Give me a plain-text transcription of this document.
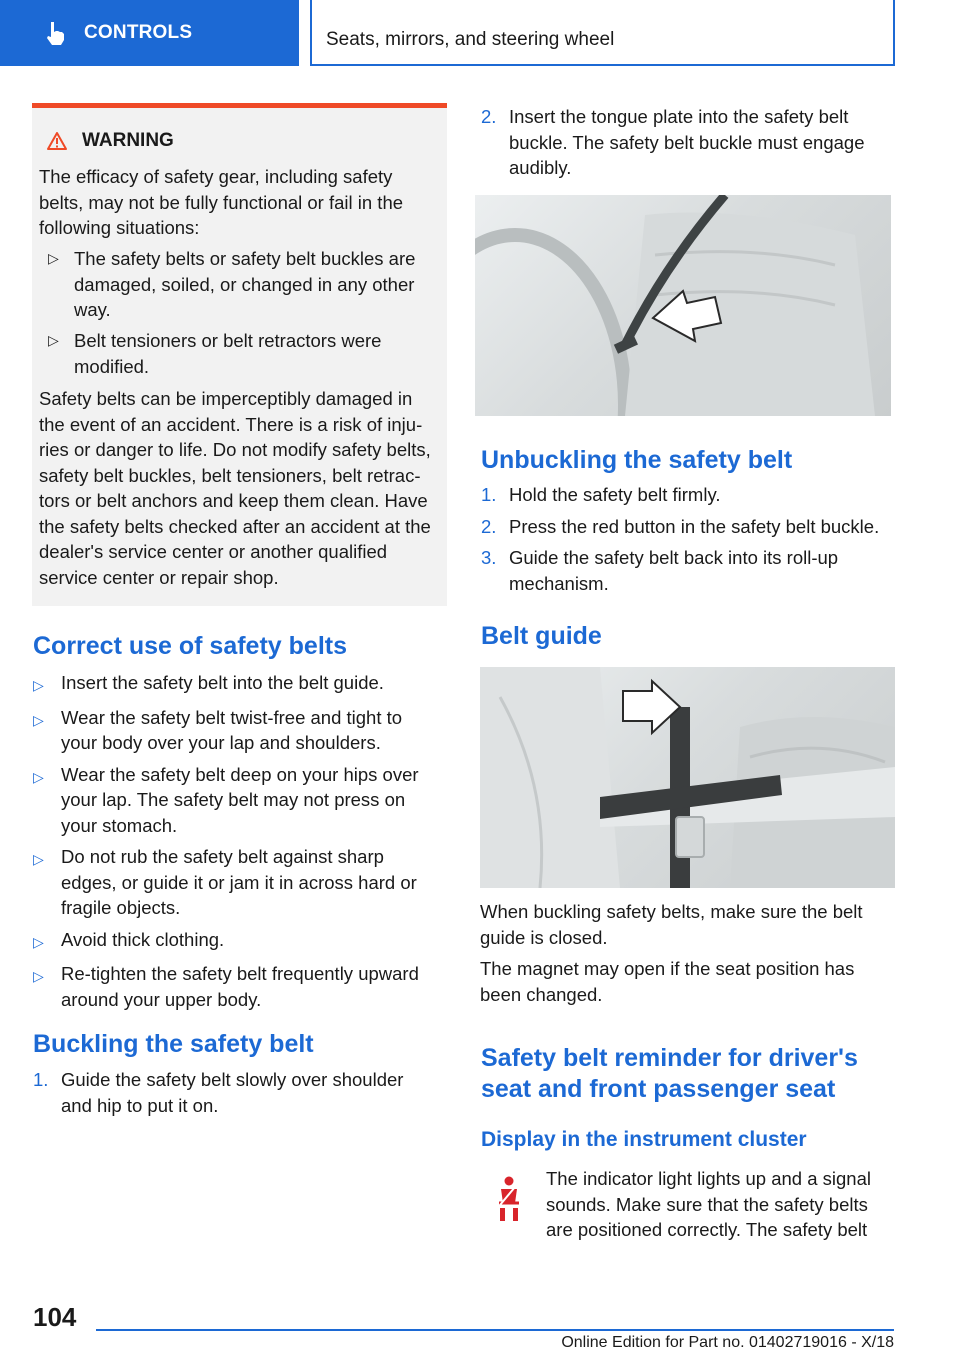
CONTROLS	Seats, mirrors, and steering wheel
WARNING
The efficacy of safety gear, including safety belts, may not be fully functional or fail in the following situations:
▷ The safety belts or safety belt buckles are damaged, soiled, or changed in any other way.
▷ Belt tensioners or belt retractors were modified.
Safety belts can be imperceptibly damaged in the event of an accident. There is a risk of inju‐ries or danger to life. Do not modify safety belts, safety belt buckles, belt tensioners, belt retrac‐tors or belt anchors and keep them clean. Have the safety belts checked after an accident at the dealer's service center or another qualified service center or repair shop.
Correct use of safety belts
▷ Insert the safety belt into the belt guide.
▷ Wear the safety belt twist-free and tight to your body over your lap and shoulders.
▷ Wear the safety belt deep on your hips over your lap. The safety belt may not press on your stomach.
▷ Do not rub the safety belt against sharp edges, or guide it or jam it in across hard or fragile objects.
▷ Avoid thick clothing.
▷ Re-tighten the safety belt frequently upward around your upper body.
Buckling the safety belt
1. Guide the safety belt slowly over shoulder and hip to put it on.
2. Insert the tongue plate into the safety belt buckle. The safety belt buckle must engage audibly.
Unbuckling the safety belt
1. Hold the safety belt firmly.
2. Press the red button in the safety belt buckle.
3. Guide the safety belt back into its roll-up mechanism.
Belt guide
When buckling safety belts, make sure the belt guide is closed.
The magnet may open if the seat position has been changed.
Safety belt reminder for driver's
seat and front passenger seat
Display in the instrument cluster
The indicator light lights up and a signal sounds. Make sure that the safety belts are positioned correctly. The safety belt
104
Online Edition for Part no. 01402719016 - X/18
